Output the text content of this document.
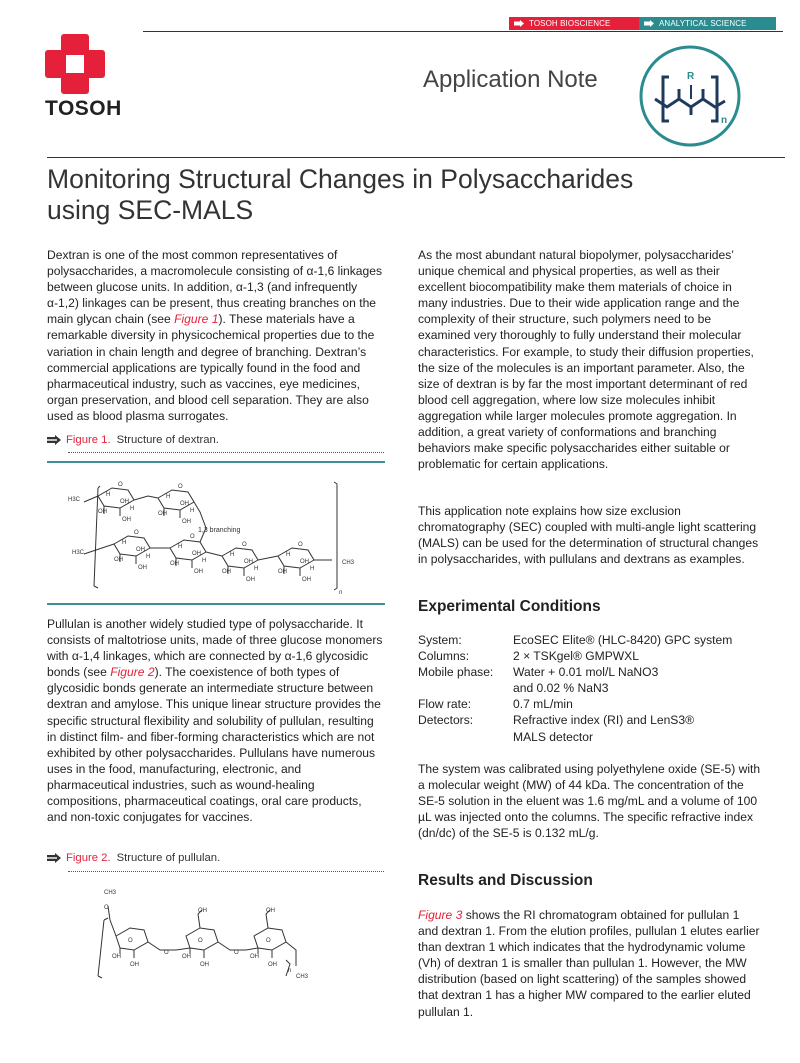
TOSOH BIOSCIENCE	ANALYTICAL SCIENCE
TOSOH
Application Note	R
n
Monitoring Structural Changes in Polysaccharides
using SEC-MALS

Dextran is one of the most common representatives of polysaccharides, a macromolecule consisting of α-1,6 linkages between glucose units. In addition, α-1,3 (and infrequently α-1,2) linkages can be present, thus creating branches on the main glycan chain (see Figure 1). These materials have a remarkable diversity in physicochemical properties due to the variation in chain length and degree of branching. Dextran’s commercial applications are typically found in the food and pharmaceutical industry, such as vaccines, eye medicines, organ preservation, and blood cell separation. They are also used as blood plasma surrogates.

Figure 1. Structure of dextran.
H3C
H3C
CH3
n
1,3 branching
O	O
O
O
O	O
OH
OH
OH
OH
OH
OH
OH
OH
OH
OH
OH
OH
OH
OH
OH
OH
OH
OH
H
H
H
H
H
H
H
H
H
H
H
H

Pullulan is another widely studied type of polysaccharide. It consists of maltotriose units, made of three glucose monomers with α-1,4 linkages, which are connected by α-1,6 glycosidic bonds (see Figure 2). The coexistence of both types of glycosidic bonds generate an intermediate structure between dextran and amylose. This unique linear structure provides the specific structural flexibility and solubility of pullulan, resulting in distinct film- and fiber-forming characteristics which are not exhibited by other polysaccharides. Pullulans have numerous uses in the food, manufacturing, electronic, and pharmaceutical industries, such as wound-healing compositions, pharmaceutical coatings, oral care products, and non-toxic conjugates for vaccines.

Figure 2. Structure of pullulan.
CH3
O
O	O	O
O	O
OH	OH
OH	OH	OH
OH	OH	OH
n
CH3

As the most abundant natural biopolymer, polysaccharides’ unique chemical and physical properties, as well as their excellent biocompatibility make them materials of choice in many industries. Due to their wide application range and the complexity of their structure, such polymers need to be examined very thoroughly to fully understand their molecular characteristics. For example, to study their diffusion properties, the size of the molecules is an important parameter. Also, the size of dextran is by far the most important determinant of red blood cell aggregation, where low size molecules inhibit aggregation while larger molecules promote aggregation. In addition, a great variety of conformations and branching behaviors make specific polysaccharides either suitable or problematic for certain applications.

This application note explains how size exclusion chromatography (SEC) coupled with multi-angle light scattering (MALS) can be used for the determination of structural changes in polysaccharides, with pullulans and dextrans as examples.

Experimental Conditions
System:	EcoSEC Elite® (HLC-8420) GPC system
Columns:	2 × TSKgel® GMPWXL
Mobile phase:	Water + 0.01 mol/L NaNO3
and 0.02 % NaN3
Flow rate:	0.7 mL/min
Detectors:	Refractive index (RI) and LenS3®
MALS detector

The system was calibrated using polyethylene oxide (SE-5) with a molecular weight (MW) of 44 kDa. The concentration of the SE-5 solution in the eluent was 1.6 mg/mL and a volume of 100 µL was injected onto the columns. The specific refractive index (dn/dc) of the SE-5 is 0.132 mL/g.

Results and Discussion

Figure 3 shows the RI chromatogram obtained for pullulan 1 and dextran 1. From the elution profiles, pullulan 1 elutes earlier than dextran 1 which indicates that the hydrodynamic volume (Vh) of dextran 1 is smaller than pullulan 1. However, the MW distribution (based on light scattering) of the samples showed that dextran 1 has a higher MW compared to the earlier eluted pullulan 1.
